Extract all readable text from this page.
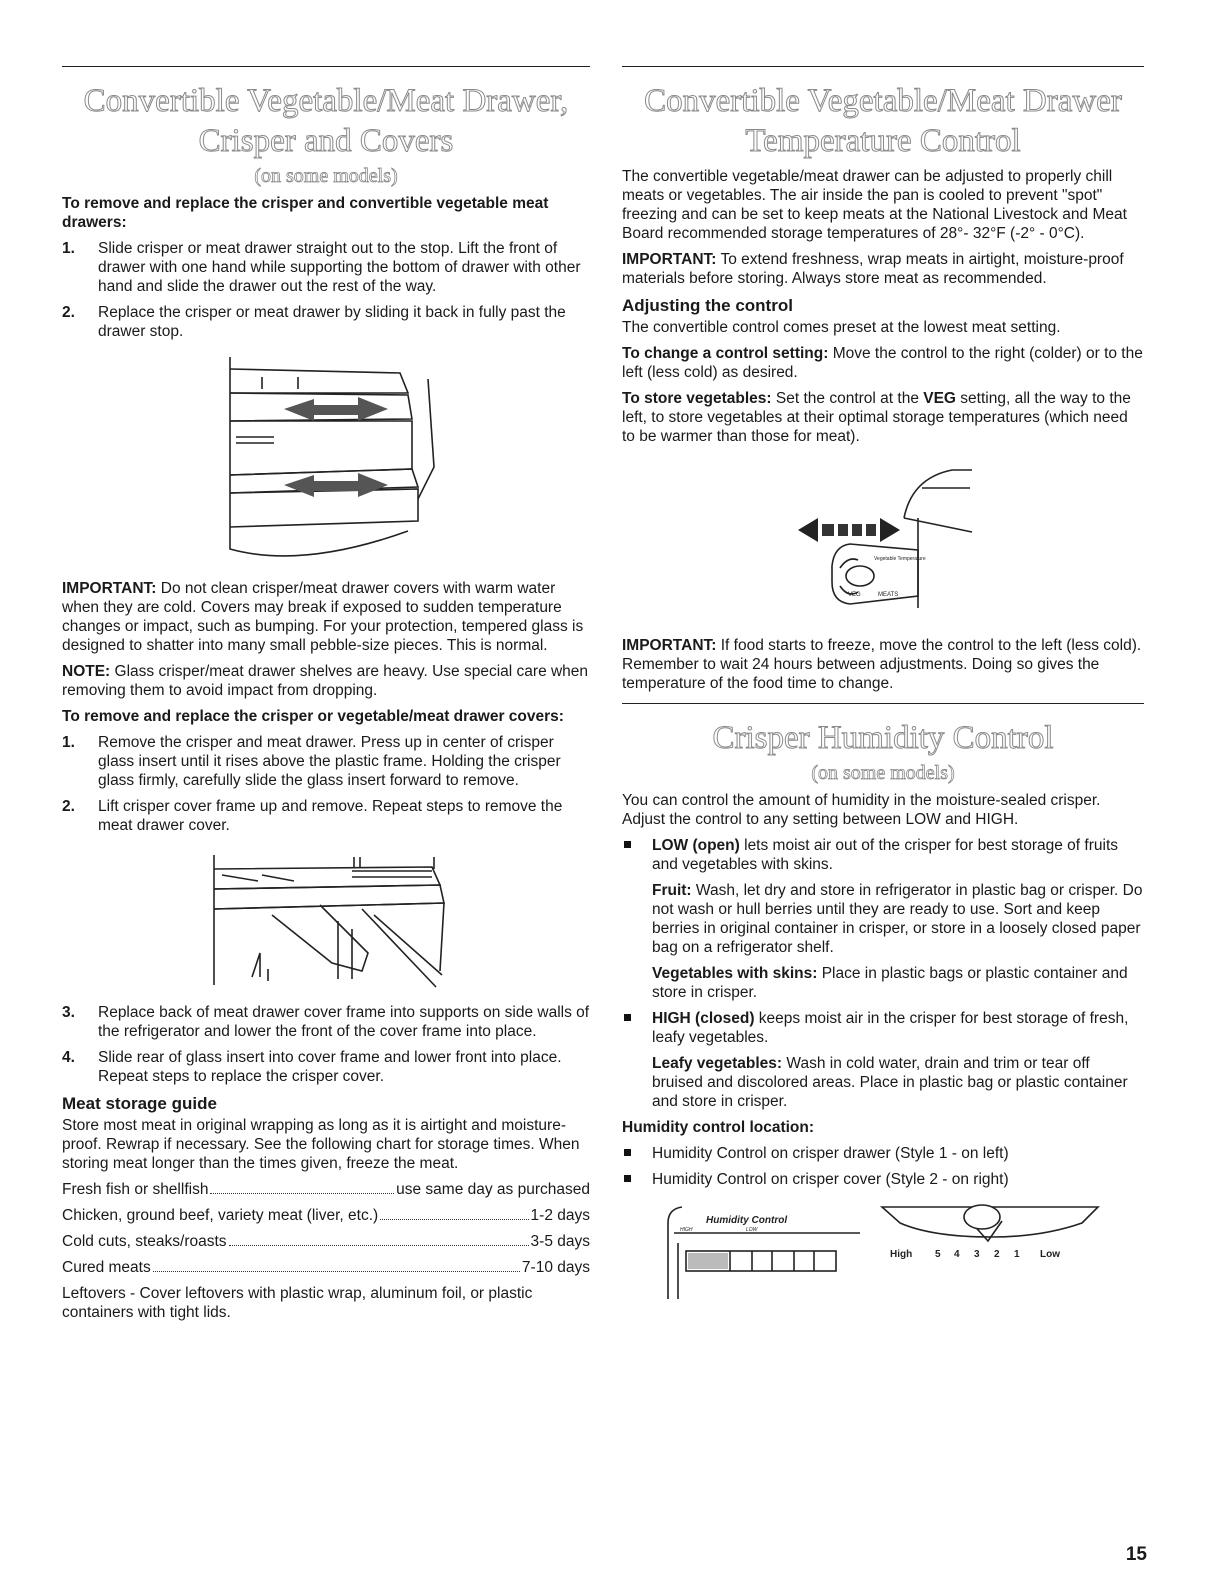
Convertible Vegetable/Meat Drawer, Crisper and Covers
(on some models)
To remove and replace the crisper and convertible vegetable meat drawers:
1.	Slide crisper or meat drawer straight out to the stop. Lift the front of drawer with one hand while supporting the bottom of drawer with other hand and slide the drawer out the rest of the way.
2.	Replace the crisper or meat drawer by sliding it back in fully past the drawer stop.

IMPORTANT: Do not clean crisper/meat drawer covers with warm water when they are cold. Covers may break if exposed to sudden temperature changes or impact, such as bumping. For your protection, tempered glass is designed to shatter into many small pebble-size pieces. This is normal.

NOTE: Glass crisper/meat drawer shelves are heavy. Use special care when removing them to avoid impact from dropping.

To remove and replace the crisper or vegetable/meat drawer covers:
1.	Remove the crisper and meat drawer. Press up in center of crisper glass insert until it rises above the plastic frame. Holding the crisper glass firmly, carefully slide the glass insert forward to remove.
2.	Lift crisper cover frame up and remove. Repeat steps to remove the meat drawer cover.
3.	Replace back of meat drawer cover frame into supports on side walls of the refrigerator and lower the front of the cover frame into place.
4.	Slide rear of glass insert into cover frame and lower front into place. Repeat steps to replace the crisper cover.
Meat storage guide

Store most meat in original wrapping as long as it is airtight and moisture-proof. Rewrap if necessary. See the following chart for storage times. When storing meat longer than the times given, freeze the meat.

Fresh fish or shellfish	use same day as purchased
Chicken, ground beef, variety meat (liver, etc.)	1-2 days
Cold cuts, steaks/roasts	3-5 days
Cured meats	7-10 days

Leftovers - Cover leftovers with plastic wrap, aluminum foil, or plastic containers with tight lids.

Convertible Vegetable/Meat Drawer Temperature Control

The convertible vegetable/meat drawer can be adjusted to properly chill meats or vegetables. The air inside the pan is cooled to prevent "spot" freezing and can be set to keep meats at the National Livestock and Meat Board recommended storage temperatures of 28°- 32°F (-2° - 0°C).

IMPORTANT: To extend freshness, wrap meats in airtight, moisture-proof materials before storing. Always store meat as recommended.

Adjusting the control

The convertible control comes preset at the lowest meat setting.

To change a control setting: Move the control to the right (colder) or to the left (less cold) as desired.

To store vegetables: Set the control at the VEG setting, all the way to the left, to store vegetables at their optimal storage temperatures (which need to be warmer than those for meat).

Vegetable Temperature
VEG	MEATS

IMPORTANT: If food starts to freeze, move the control to the left (less cold). Remember to wait 24 hours between adjustments. Doing so gives the temperature of the food time to change.

Crisper Humidity Control
(on some models)

You can control the amount of humidity in the moisture-sealed crisper. Adjust the control to any setting between LOW and HIGH.

LOW (open) lets moist air out of the crisper for best storage of fruits and vegetables with skins.

Fruit: Wash, let dry and store in refrigerator in plastic bag or crisper. Do not wash or hull berries until they are ready to use. Sort and keep berries in original container in crisper, or store in a loosely closed paper bag on a refrigerator shelf.

Vegetables with skins: Place in plastic bags or plastic container and store in crisper.

HIGH (closed) keeps moist air in the crisper for best storage of fresh, leafy vegetables.

Leafy vegetables: Wash in cold water, drain and trim or tear off bruised and discolored areas. Place in plastic bag or plastic container and store in crisper.

Humidity control location:
Humidity Control on crisper drawer (Style 1 - on left)
Humidity Control on crisper cover (Style 2 - on right)
Humidity Control
HIGH	LOW
High 5 4 3 2 1 Low
15
